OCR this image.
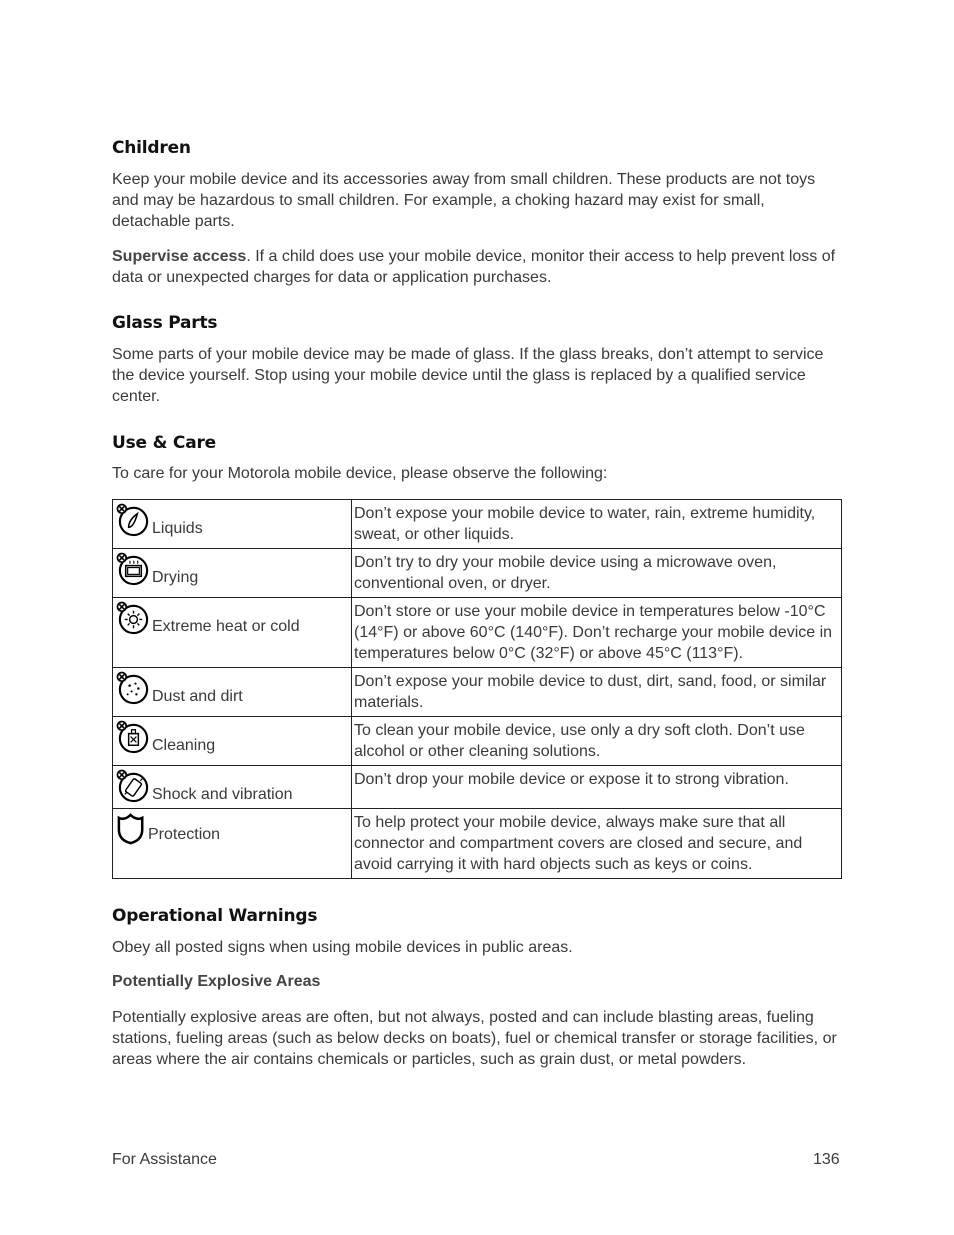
Children

Keep your mobile device and its accessories away from small children. These products are not toys and may be hazardous to small children. For example, a choking hazard may exist for small, detachable parts.

Supervise access. If a child does use your mobile device, monitor their access to help prevent loss of data or unexpected charges for data or application purchases.

Glass Parts

Some parts of your mobile device may be made of glass. If the glass breaks, don’t attempt to service the device yourself. Stop using your mobile device until the glass is replaced by a qualified service center.

Use & Care

To care for your Motorola mobile device, please observe the following:

Liquids	Don’t expose your mobile device to water, rain, extreme humidity, sweat, or other liquids.

Drying	Don’t try to dry your mobile device using a microwave oven, conventional oven, or dryer.

Extreme heat or cold	Don’t store or use your mobile device in temperatures below -10°C (14°F) or above 60°C (140°F). Don’t recharge your mobile device in temperatures below 0°C (32°F) or above 45°C (113°F).

Dust and dirt	Don’t expose your mobile device to dust, dirt, sand, food, or similar materials.

Cleaning	To clean your mobile device, use only a dry soft cloth. Don’t use alcohol or other cleaning solutions.

Shock and vibration	Don’t drop your mobile device or expose it to strong vibration.

Protection	To help protect your mobile device, always make sure that all connector and compartment covers are closed and secure, and avoid carrying it with hard objects such as keys or coins.
Operational Warnings

Obey all posted signs when using mobile devices in public areas.

Potentially Explosive Areas

Potentially explosive areas are often, but not always, posted and can include blasting areas, fueling stations, fueling areas (such as below decks on boats), fuel or chemical transfer or storage facilities, or areas where the air contains chemicals or particles, such as grain dust, or metal powders.

For Assistance	136
